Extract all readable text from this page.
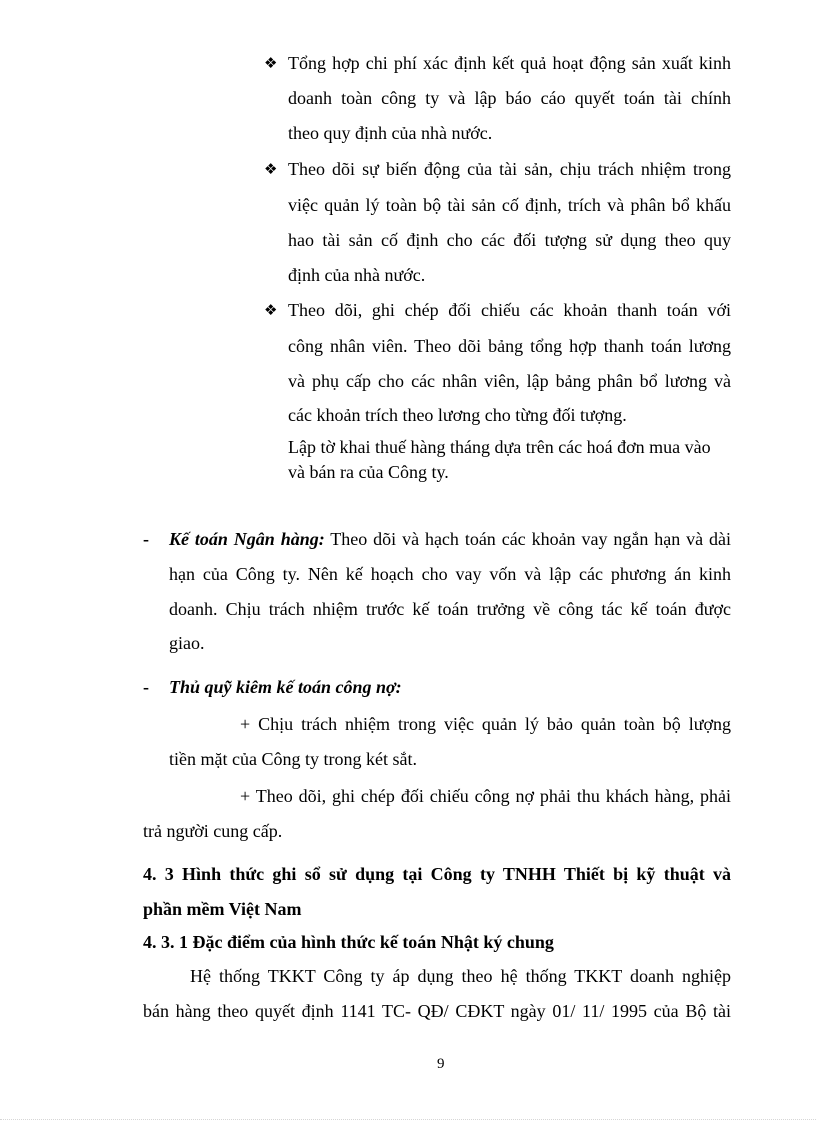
❖ Tổng hợp chi phí xác định kết quả hoạt động sản xuất kinh
doanh toàn công ty và lập báo cáo quyết toán tài chính
theo quy định của nhà nước.
❖ Theo dõi sự biến động của tài sản, chịu trách nhiệm trong
việc quản lý toàn bộ tài sản cố định, trích và phân bổ khấu
hao tài sản cố định cho các đối tượng sử dụng theo quy
định của nhà nước.
❖ Theo dõi, ghi chép đối chiếu các khoản thanh toán với
công nhân viên. Theo dõi bảng tổng hợp thanh toán lương
và phụ cấp cho các nhân viên, lập bảng phân bổ lương và
các khoản trích theo lương cho từng đối tượng.
Lập tờ khai thuế hàng tháng dựa trên các hoá đơn mua vào
và bán ra của Công ty.
- Kế toán Ngân hàng: Theo dõi và hạch toán các khoản vay ngắn hạn và dài
hạn của Công ty. Nên kế hoạch cho vay vốn và lập các phương án kinh
doanh. Chịu trách nhiệm trước kế toán trưởng về công tác kế toán được
giao.
- Thủ quỹ kiêm kế toán công nợ:
+ Chịu trách nhiệm trong việc quản lý bảo quản toàn bộ lượng
tiền mặt của Công ty trong két sắt.
+ Theo dõi, ghi chép đối chiếu công nợ phải thu khách hàng, phải
trả người cung cấp.
4. 3 Hình thức ghi sổ sử dụng tại Công ty TNHH Thiết bị kỹ thuật và
phần mềm Việt Nam
4. 3. 1 Đặc điểm của hình thức kế toán Nhật ký chung
Hệ thống TKKT Công ty áp dụng theo hệ thống TKKT doanh nghiệp
bán hàng theo quyết định 1141 TC- QĐ/ CĐKT ngày 01/ 11/ 1995 của Bộ tài
9
